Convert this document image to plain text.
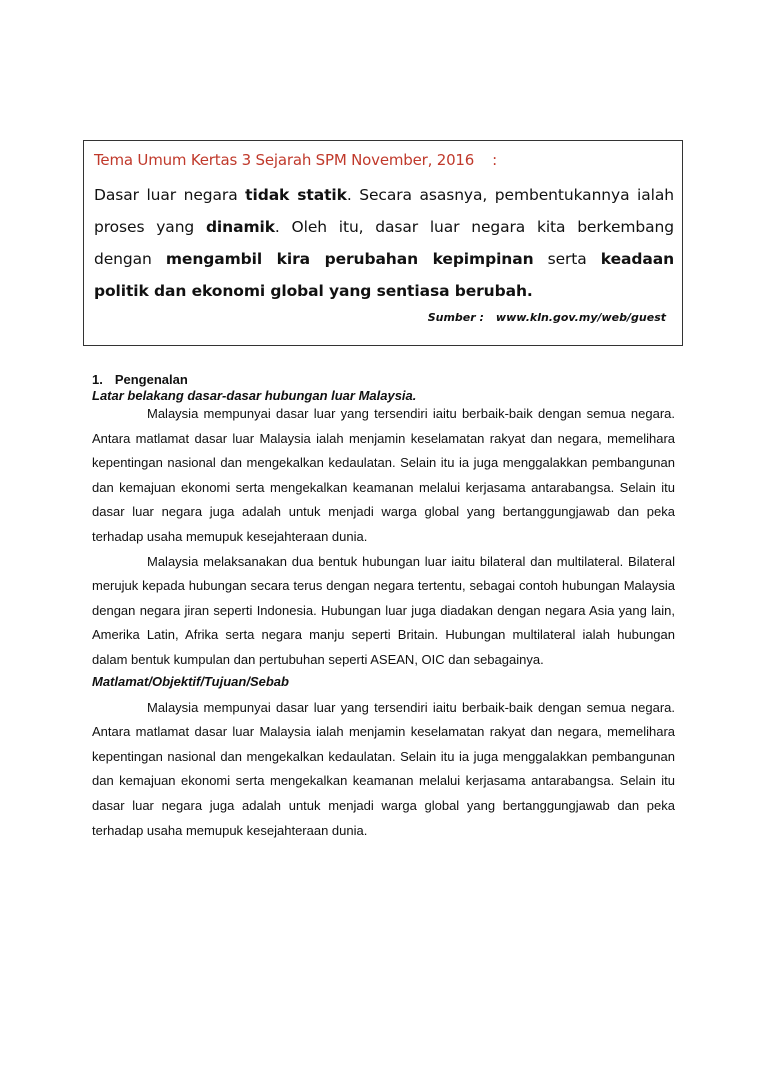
Tema Umum Kertas 3 Sejarah SPM November, 2016 :
Dasar luar negara tidak statik. Secara asasnya, pembentukannya ialah proses yang dinamik. Oleh itu, dasar luar negara kita berkembang dengan mengambil kira perubahan kepimpinan serta keadaan politik dan ekonomi global yang sentiasa berubah.
Sumber : www.kln.gov.my/web/guest
1. Pengenalan
Latar belakang dasar-dasar hubungan luar Malaysia.

Malaysia mempunyai dasar luar yang tersendiri iaitu berbaik-baik dengan semua negara. Antara matlamat dasar luar Malaysia ialah menjamin keselamatan rakyat dan negara, memelihara kepentingan nasional dan mengekalkan kedaulatan. Selain itu ia juga menggalakkan pembangunan dan kemajuan ekonomi serta mengekalkan keamanan melalui kerjasama antarabangsa. Selain itu dasar luar negara juga adalah untuk menjadi warga global yang bertanggungjawab dan peka terhadap usaha memupuk kesejahteraan dunia.

Malaysia melaksanakan dua bentuk hubungan luar iaitu bilateral dan multilateral. Bilateral merujuk kepada hubungan secara terus dengan negara tertentu, sebagai contoh hubungan Malaysia dengan negara jiran seperti Indonesia. Hubungan luar juga diadakan dengan negara Asia yang lain, Amerika Latin, Afrika serta negara manju seperti Britain. Hubungan multilateral ialah hubungan dalam bentuk kumpulan dan pertubuhan seperti ASEAN, OIC dan sebagainya.

Matlamat/Objektif/Tujuan/Sebab

Malaysia mempunyai dasar luar yang tersendiri iaitu berbaik-baik dengan semua negara. Antara matlamat dasar luar Malaysia ialah menjamin keselamatan rakyat dan negara, memelihara kepentingan nasional dan mengekalkan kedaulatan. Selain itu ia juga menggalakkan pembangunan dan kemajuan ekonomi serta mengekalkan keamanan melalui kerjasama antarabangsa. Selain itu dasar luar negara juga adalah untuk menjadi warga global yang bertanggungjawab dan peka terhadap usaha memupuk kesejahteraan dunia.
